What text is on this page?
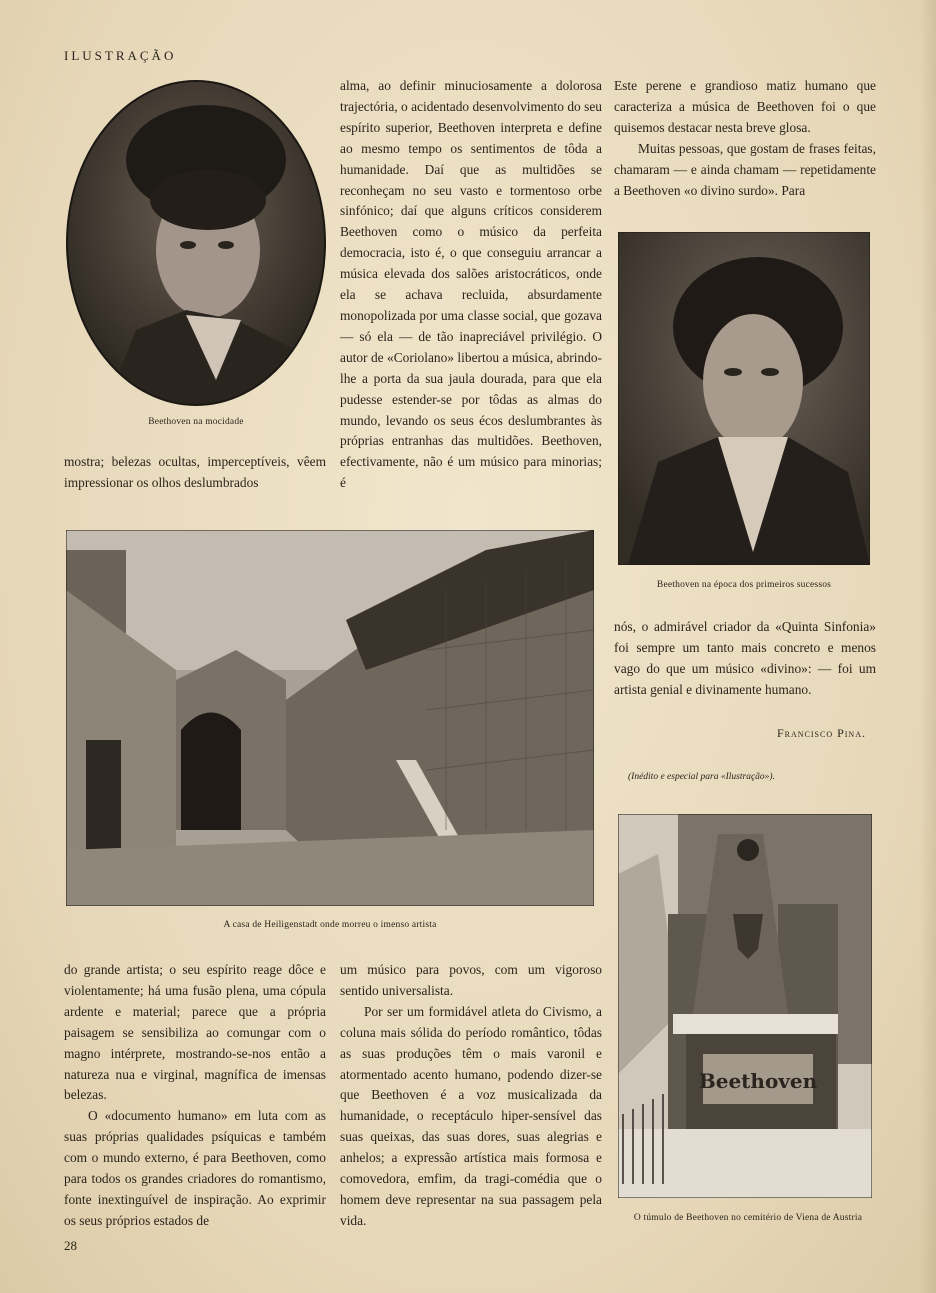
ILUSTRAÇÃO
Beethoven na mocidade

mostra; belezas ocultas, imperceptíveis, vêem impressionar os olhos deslumbrados

alma, ao definir minuciosamente a dolorosa trajectória, o acidentado desenvolvimento do seu espírito superior, Beethoven interpreta e define ao mesmo tempo os sentimentos de tôda a humanidade. Daí que as multidões se reconheçam no seu vasto e tormentoso orbe sinfónico; daí que alguns críticos considerem Beethoven como o músico da perfeita democracia, isto é, o que conseguiu arrancar a música elevada dos salões aristocráticos, onde ela se achava recluida, absurdamente monopolizada por uma classe social, que gozava — só ela — de tão inapreciável privilégio. O autor de «Coriolano» libertou a música, abrindo-lhe a porta da sua jaula dourada, para que ela pudesse estender-se por tôdas as almas do mundo, levando os seus écos deslumbrantes às próprias entranhas das multidões. Beethoven, efectivamente, não é um músico para minorias; é

Este perene e grandioso matiz humano que caracteriza a música de Beethoven foi o que quisemos destacar nesta breve glosa.

Muitas pessoas, que gostam de frases feitas, chamaram — e ainda chamam — repetidamente a Beethoven «o divino surdo». Para

Beethoven na época dos primeiros sucessos

nós, o admirável criador da «Quinta Sinfonia» foi sempre um tanto mais concreto e menos vago do que um músico «divino»: — foi um artista genial e divinamente humano.

Francisco Pina.
(Inédito e especial para «Ilustração»).
A casa de Heiligenstadt onde morreu o imenso artista
Beethoven
O túmulo de Beethoven no cemitério de Viena de Austria

do grande artista; o seu espírito reage dôce e violentamente; há uma fusão plena, uma cópula ardente e material; parece que a própria paisagem se sensibiliza ao comungar com o magno intérprete, mostrando-se-nos então a natureza nua e virginal, magnífica de imensas belezas.

O «documento humano» em luta com as suas próprias qualidades psíquicas e também com o mundo externo, é para Beethoven, como para todos os grandes criadores do romantismo, fonte inextinguível de inspiração. Ao exprimir os seus próprios estados de

um músico para povos, com um vigoroso sentido universalista.

Por ser um formidável atleta do Civismo, a coluna mais sólida do período romântico, tôdas as suas produções têm o mais varonil e atormentado acento humano, podendo dizer-se que Beethoven é a voz musicalizada da humanidade, o receptáculo hiper-sensível das suas queixas, das suas dores, suas alegrias e anhelos; a expressão artística mais formosa e comovedora, emfim, da tragi-comédia que o homem deve representar na sua passagem pela vida.

28
